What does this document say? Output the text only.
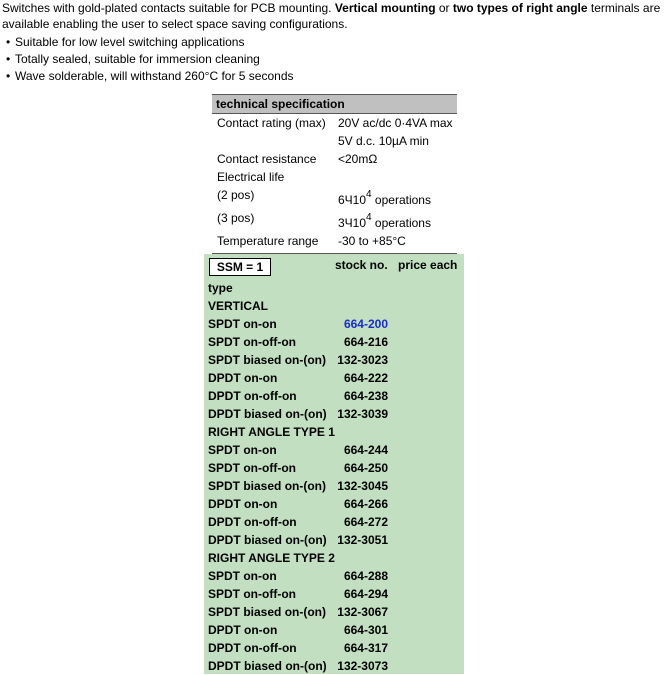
Switches with gold-plated contacts suitable for PCB mounting. Vertical mounting or two types of right angle terminals are available enabling the user to select space saving configurations.
• Suitable for low level switching applications
• Totally sealed, suitable for immersion cleaning
• Wave solderable, will withstand 260°C for 5 seconds
technical specification
Contact rating (max) 20V ac/dc 0·4VA max
5V d.c. 10µA min
Contact resistance <20mΩ
Electrical life
(2 pos)	$6Ч10^4$ operations
(3 pos)	$3Ч10^4$ operations
Temperature range -30 to +85°C
SSM = 1	stock no. price each
type
VERTICAL
SPDT on-on	664-200
SPDT on-off-on	664-216
SPDT biased on-(on) 132-3023
DPDT on-on	664-222
DPDT on-off-on	664-238
DPDT biased on-(on) 132-3039
RIGHT ANGLE TYPE 1
SPDT on-on	664-244
SPDT on-off-on	664-250
SPDT biased on-(on) 132-3045
DPDT on-on	664-266
DPDT on-off-on	664-272
DPDT biased on-(on) 132-3051
RIGHT ANGLE TYPE 2
SPDT on-on	664-288
SPDT on-off-on	664-294
SPDT biased on-(on) 132-3067
DPDT on-on	664-301
DPDT on-off-on	664-317
DPDT biased on-(on) 132-3073
